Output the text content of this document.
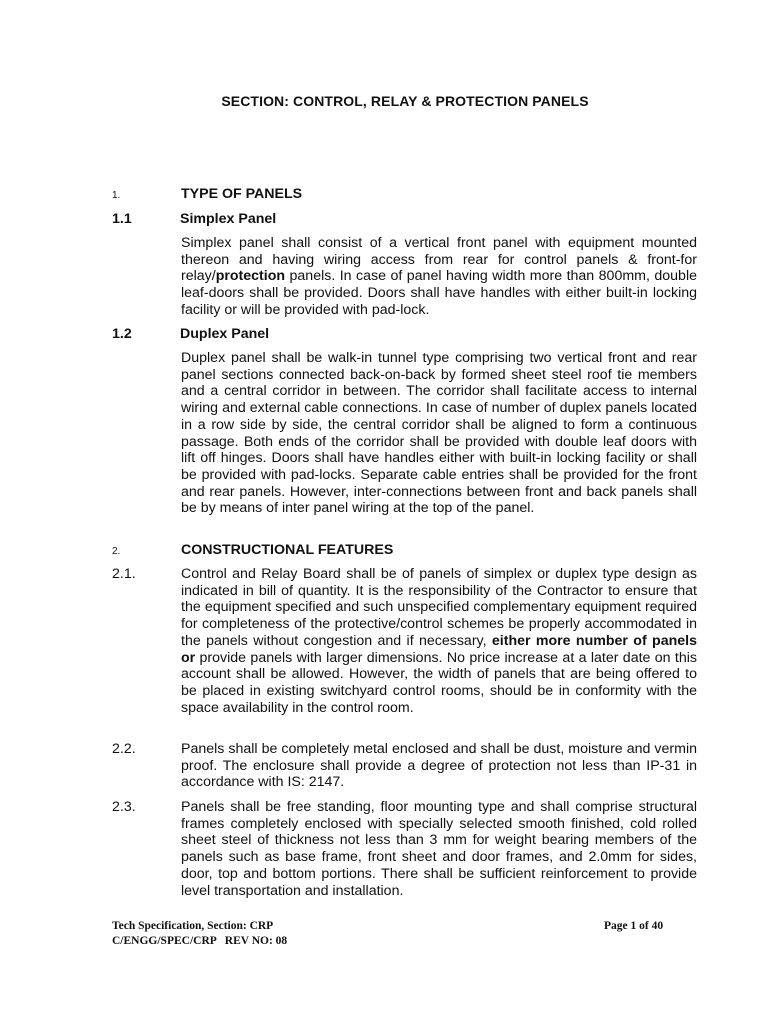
SECTION: CONTROL, RELAY & PROTECTION PANELS
1.	TYPE OF PANELS
1.1	Simplex Panel
Simplex panel shall consist of a vertical front panel with equipment mounted thereon and having wiring access from rear for control panels & front-for relay/protection panels. In case of panel having width more than 800mm, double leaf-doors shall be provided. Doors shall have handles with either built-in locking facility or will be provided with pad-lock.
1.2	Duplex Panel
Duplex panel shall be walk-in tunnel type comprising two vertical front and rear panel sections connected back-on-back by formed sheet steel roof tie members and a central corridor in between. The corridor shall facilitate access to internal wiring and external cable connections. In case of number of duplex panels located in a row side by side, the central corridor shall be aligned to form a continuous passage. Both ends of the corridor shall be provided with double leaf doors with lift off hinges. Doors shall have handles either with built-in locking facility or shall be provided with pad-locks. Separate cable entries shall be provided for the front and rear panels. However, inter-connections between front and back panels shall be by means of inter panel wiring at the top of the panel.
2.	CONSTRUCTIONAL FEATURES
2.1.	Control and Relay Board shall be of panels of simplex or duplex type design as indicated in bill of quantity. It is the responsibility of the Contractor to ensure that the equipment specified and such unspecified complementary equipment required for completeness of the protective/control schemes be properly accommodated in the panels without congestion and if necessary, either more number of panels or provide panels with larger dimensions. No price increase at a later date on this account shall be allowed. However, the width of panels that are being offered to be placed in existing switchyard control rooms, should be in conformity with the space availability in the control room.
2.2.	Panels shall be completely metal enclosed and shall be dust, moisture and vermin proof. The enclosure shall provide a degree of protection not less than IP-31 in accordance with IS: 2147.
2.3.	Panels shall be free standing, floor mounting type and shall comprise structural frames completely enclosed with specially selected smooth finished, cold rolled sheet steel of thickness not less than 3 mm for weight bearing members of the panels such as base frame, front sheet and door frames, and 2.0mm for sides, door, top and bottom portions. There shall be sufficient reinforcement to provide level transportation and installation.
Tech Specification, Section: CRP
C/ENGG/SPEC/CRP   REV NO: 08
Page 1 of 40
